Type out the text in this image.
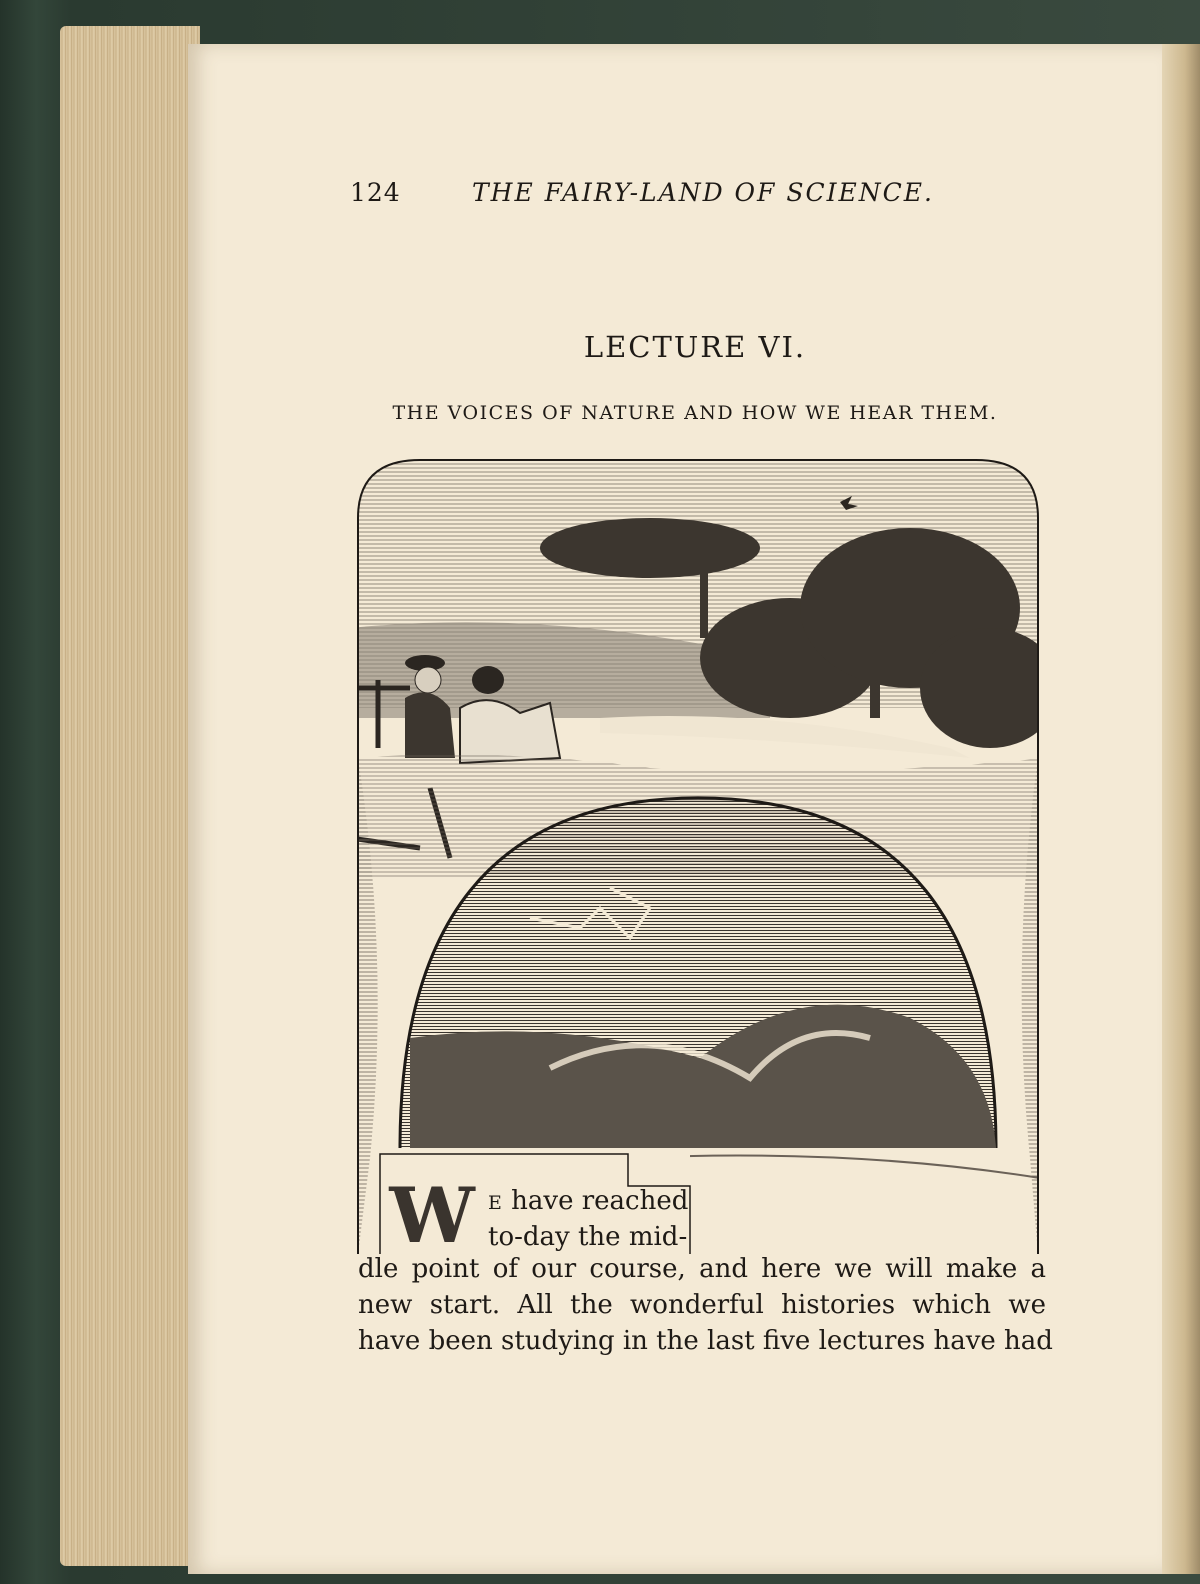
124	THE FAIRY-LAND OF SCIENCE.
LECTURE VI.
THE VOICES OF NATURE AND HOW WE HEAR THEM.
W E have reached
to-day the mid-
dle point of our course, and here we will make a
new start. All the wonderful histories which we
have been studying in the last five lectures have had
